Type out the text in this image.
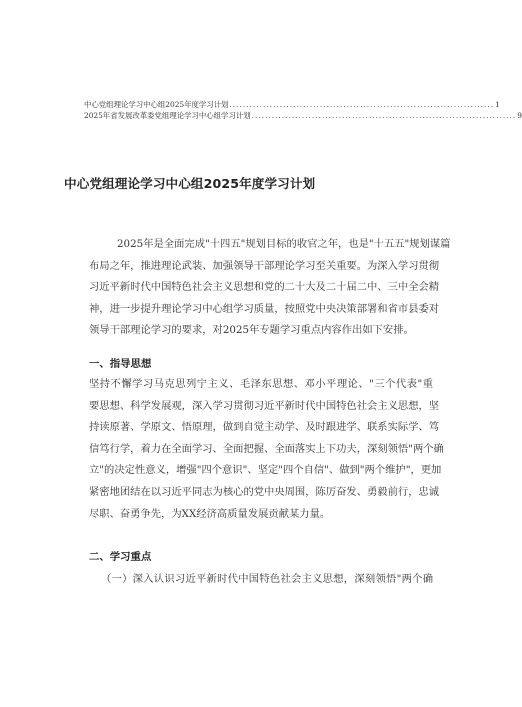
中心党组理论学习中心组2025年度学习计划 ............................................................................... 1
2025年省发展改革委党组理论学习中心组学习计划 ............................................................................... 9
中心党组理论学习中心组2025年度学习计划
2025年是全面完成"十四五"规划目标的收官之年，也是"十五五"规划谋篇
布局之年，推进理论武装、加强领导干部理论学习至关重要。为深入学习贯彻
习近平新时代中国特色社会主义思想和党的二十大及二十届二中、三中全会精
神，进一步提升理论学习中心组学习质量，按照党中央决策部署和省市县委对
领导干部理论学习的要求，对2025年专题学习重点内容作出如下安排。
一、指导思想
坚持不懈学习马克思列宁主义、毛泽东思想、邓小平理论、"三个代表"重
要思想、科学发展观，深入学习贯彻习近平新时代中国特色社会主义思想，坚
持读原著、学原文、悟原理，做到自觉主动学、及时跟进学、联系实际学、笃
信笃行学，着力在全面学习、全面把握、全面落实上下功夫，深刻领悟"两个确
立"的决定性意义，增强"四个意识"、坚定"四个自信"、做到"两个维护"，更加
紧密地团结在以习近平同志为核心的党中央周围，陈厉奋发、勇毅前行，忠诚
尽职、奋勇争先，为XX经济高质量发展贡献某力量。
二、学习重点
（一）深入认识习近平新时代中国特色社会主义思想，深刻领悟"两个确
